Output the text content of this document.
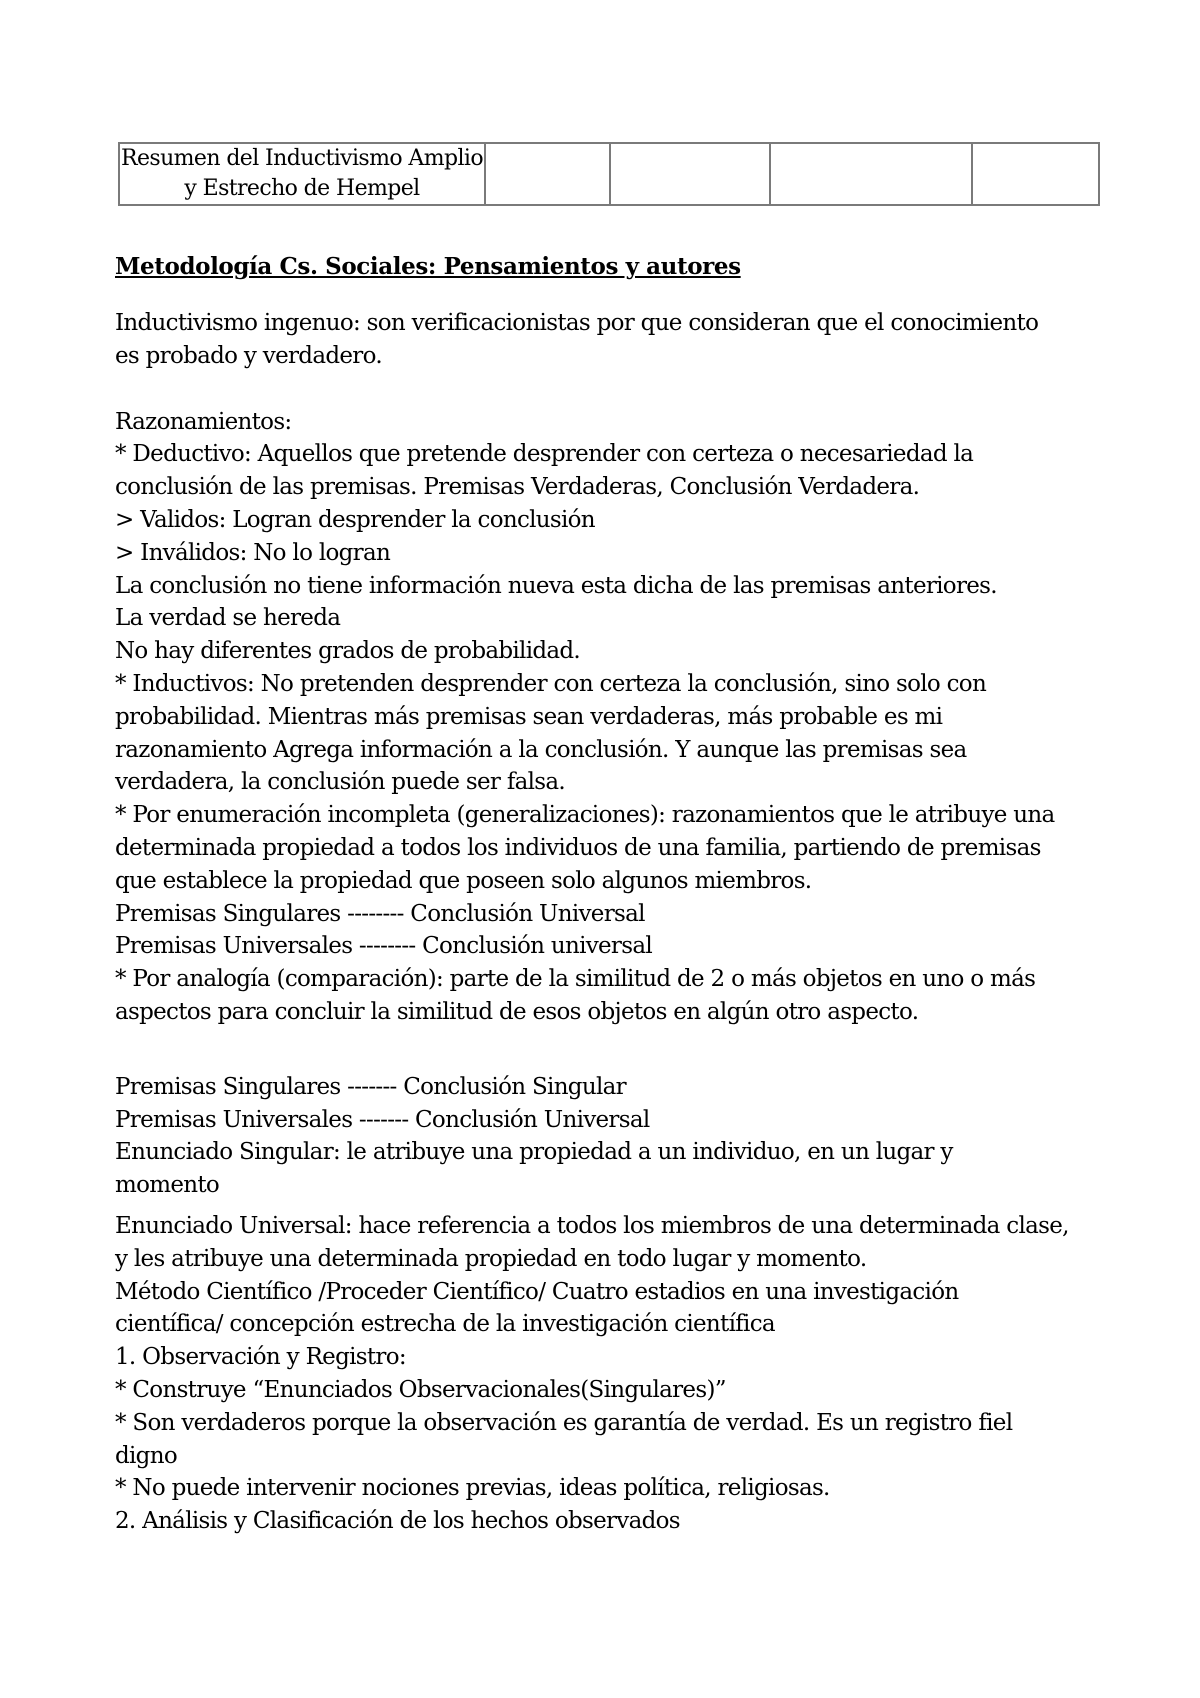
Resumen del Inductivismo Amplio
y Estrecho de Hempel

Metodología Cs. Sociales: Pensamientos y autores
Inductivismo ingenuo: son verificacionistas por que consideran que el conocimiento
es probado y verdadero.
Razonamientos:
* Deductivo: Aquellos que pretende desprender con certeza o necesariedad la
conclusión de las premisas. Premisas Verdaderas, Conclusión Verdadera.
> Validos: Logran desprender la conclusión
> Inválidos: No lo logran
La conclusión no tiene información nueva esta dicha de las premisas anteriores.
La verdad se hereda
No hay diferentes grados de probabilidad.
* Inductivos: No pretenden desprender con certeza la conclusión, sino solo con
probabilidad. Mientras más premisas sean verdaderas, más probable es mi
razonamiento Agrega información a la conclusión. Y aunque las premisas sea
verdadera, la conclusión puede ser falsa.
* Por enumeración incompleta (generalizaciones): razonamientos que le atribuye una
determinada propiedad a todos los individuos de una familia, partiendo de premisas
que establece la propiedad que poseen solo algunos miembros.
Premisas Singulares -------- Conclusión Universal
Premisas Universales -------- Conclusión universal
* Por analogía (comparación): parte de la similitud de 2 o más objetos en uno o más
aspectos para concluir la similitud de esos objetos en algún otro aspecto.
Premisas Singulares ------- Conclusión Singular
Premisas Universales ------- Conclusión Universal
Enunciado Singular: le atribuye una propiedad a un individuo, en un lugar y
momento
Enunciado Universal: hace referencia a todos los miembros de una determinada clase,
y les atribuye una determinada propiedad en todo lugar y momento.
Método Científico /Proceder Científico/ Cuatro estadios en una investigación
científica/ concepción estrecha de la investigación científica
1. Observación y Registro:
* Construye “Enunciados Observacionales(Singulares)”
* Son verdaderos porque la observación es garantía de verdad. Es un registro fiel
digno
* No puede intervenir nociones previas, ideas política, religiosas.
2. Análisis y Clasificación de los hechos observados
